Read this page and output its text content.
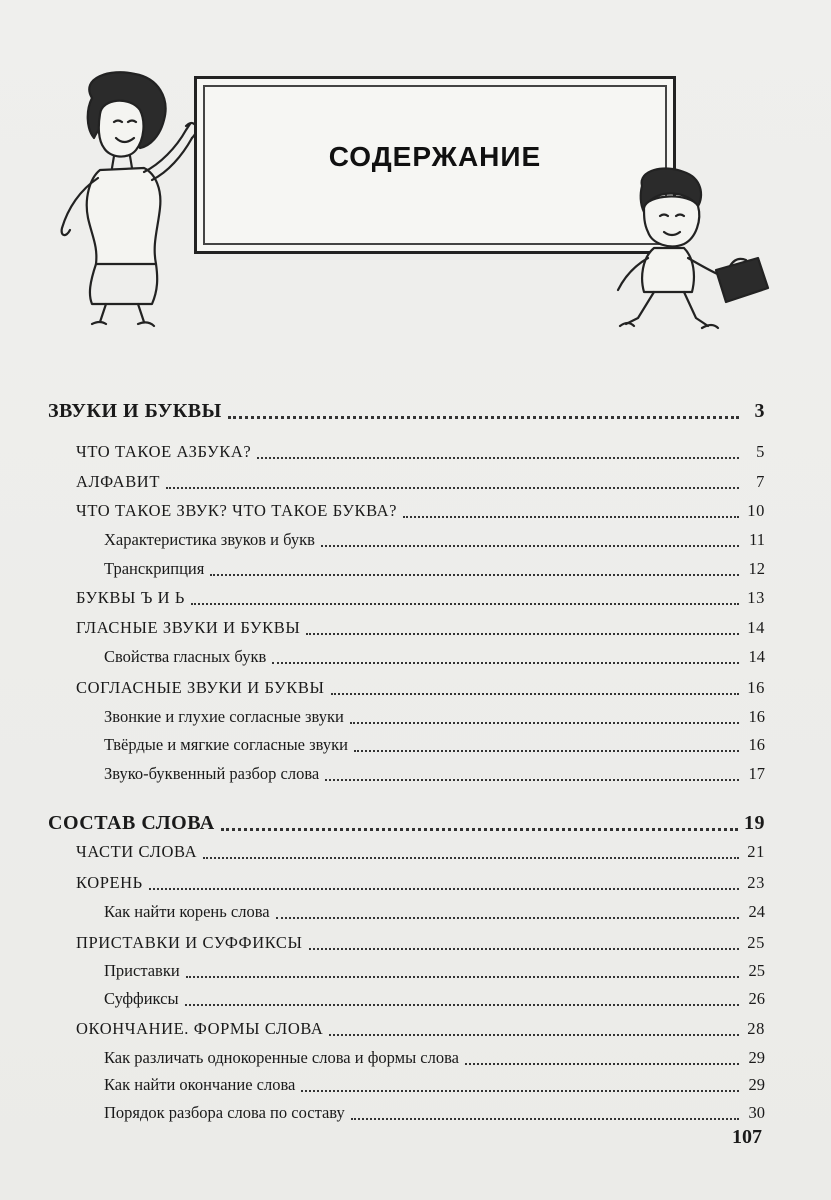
СОДЕРЖАНИЕ
ЗВУКИ И БУКВЫ	3
ЧТО ТАКОЕ АЗБУКА?	5
АЛФАВИТ	7
ЧТО ТАКОЕ ЗВУК? ЧТО ТАКОЕ БУКВА?	10
Характеристика звуков и букв	11
Транскрипция	12
БУКВЫ Ъ И Ь	13
ГЛАСНЫЕ ЗВУКИ И БУКВЫ	14
Свойства гласных букв	14
СОГЛАСНЫЕ ЗВУКИ И БУКВЫ	16
Звонкие и глухие согласные звуки	16
Твёрдые и мягкие согласные звуки	16
Звуко-буквенный разбор слова	17
СОСТАВ СЛОВА	19
ЧАСТИ СЛОВА	21
КОРЕНЬ	23
Как найти корень слова	24
ПРИСТАВКИ И СУФФИКСЫ	25
Приставки	25
Суффиксы	26
ОКОНЧАНИЕ. ФОРМЫ СЛОВА	28
Как различать однокоренные слова и формы слова	29
Как найти окончание слова	29
Порядок разбора слова по составу	30
107
